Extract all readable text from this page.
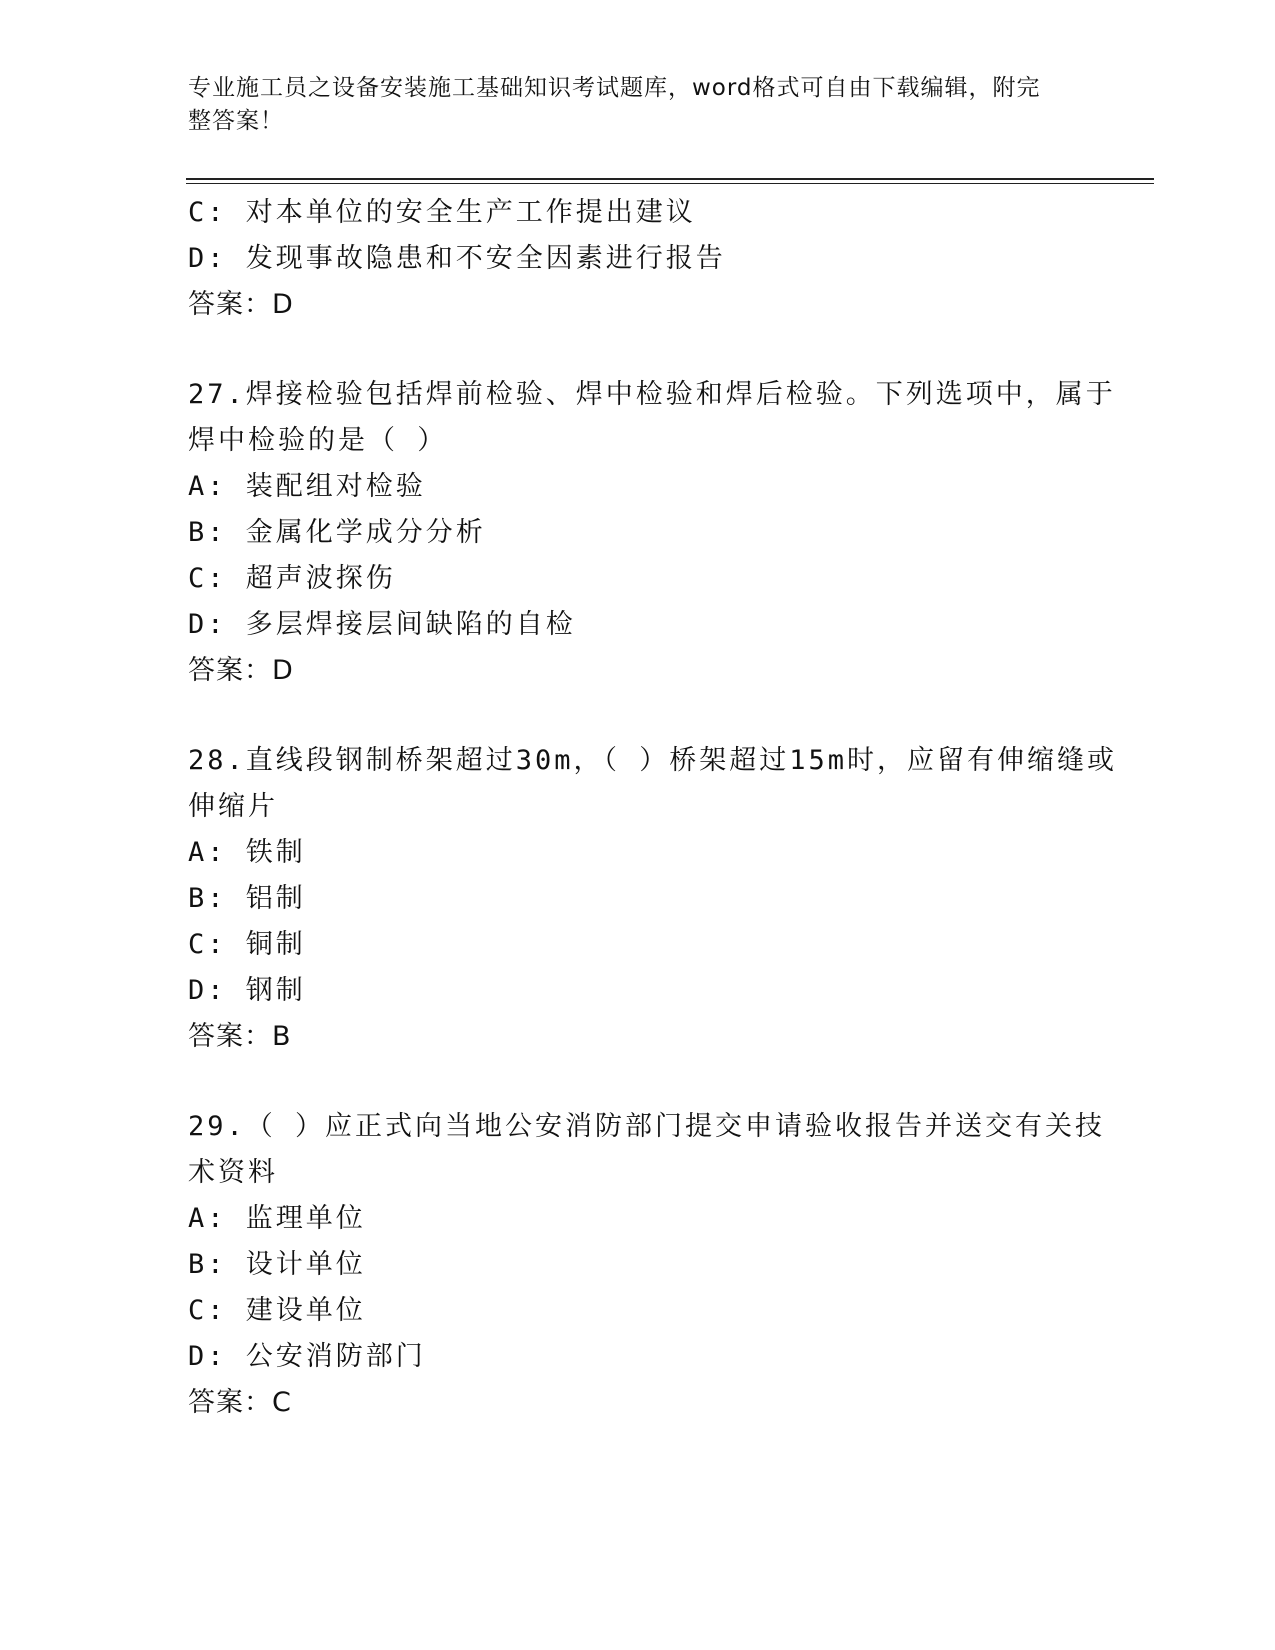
专业施工员之设备安装施工基础知识考试题库，word格式可自由下载编辑，附完
整答案！
C: 对本单位的安全生产工作提出建议
D: 发现事故隐患和不安全因素进行报告
答案：D
27.焊接检验包括焊前检验、焊中检验和焊后检验。下列选项中，属于
焊中检验的是（ ）
A: 装配组对检验
B: 金属化学成分分析
C: 超声波探伤
D: 多层焊接层间缺陷的自检
答案：D
28.直线段钢制桥架超过30m，（ ）桥架超过15m时，应留有伸缩缝或
伸缩片
A: 铁制
B: 铝制
C: 铜制
D: 钢制
答案：B
29.（ ）应正式向当地公安消防部门提交申请验收报告并送交有关技
术资料
A: 监理单位
B: 设计单位
C: 建设单位
D: 公安消防部门
答案：C
